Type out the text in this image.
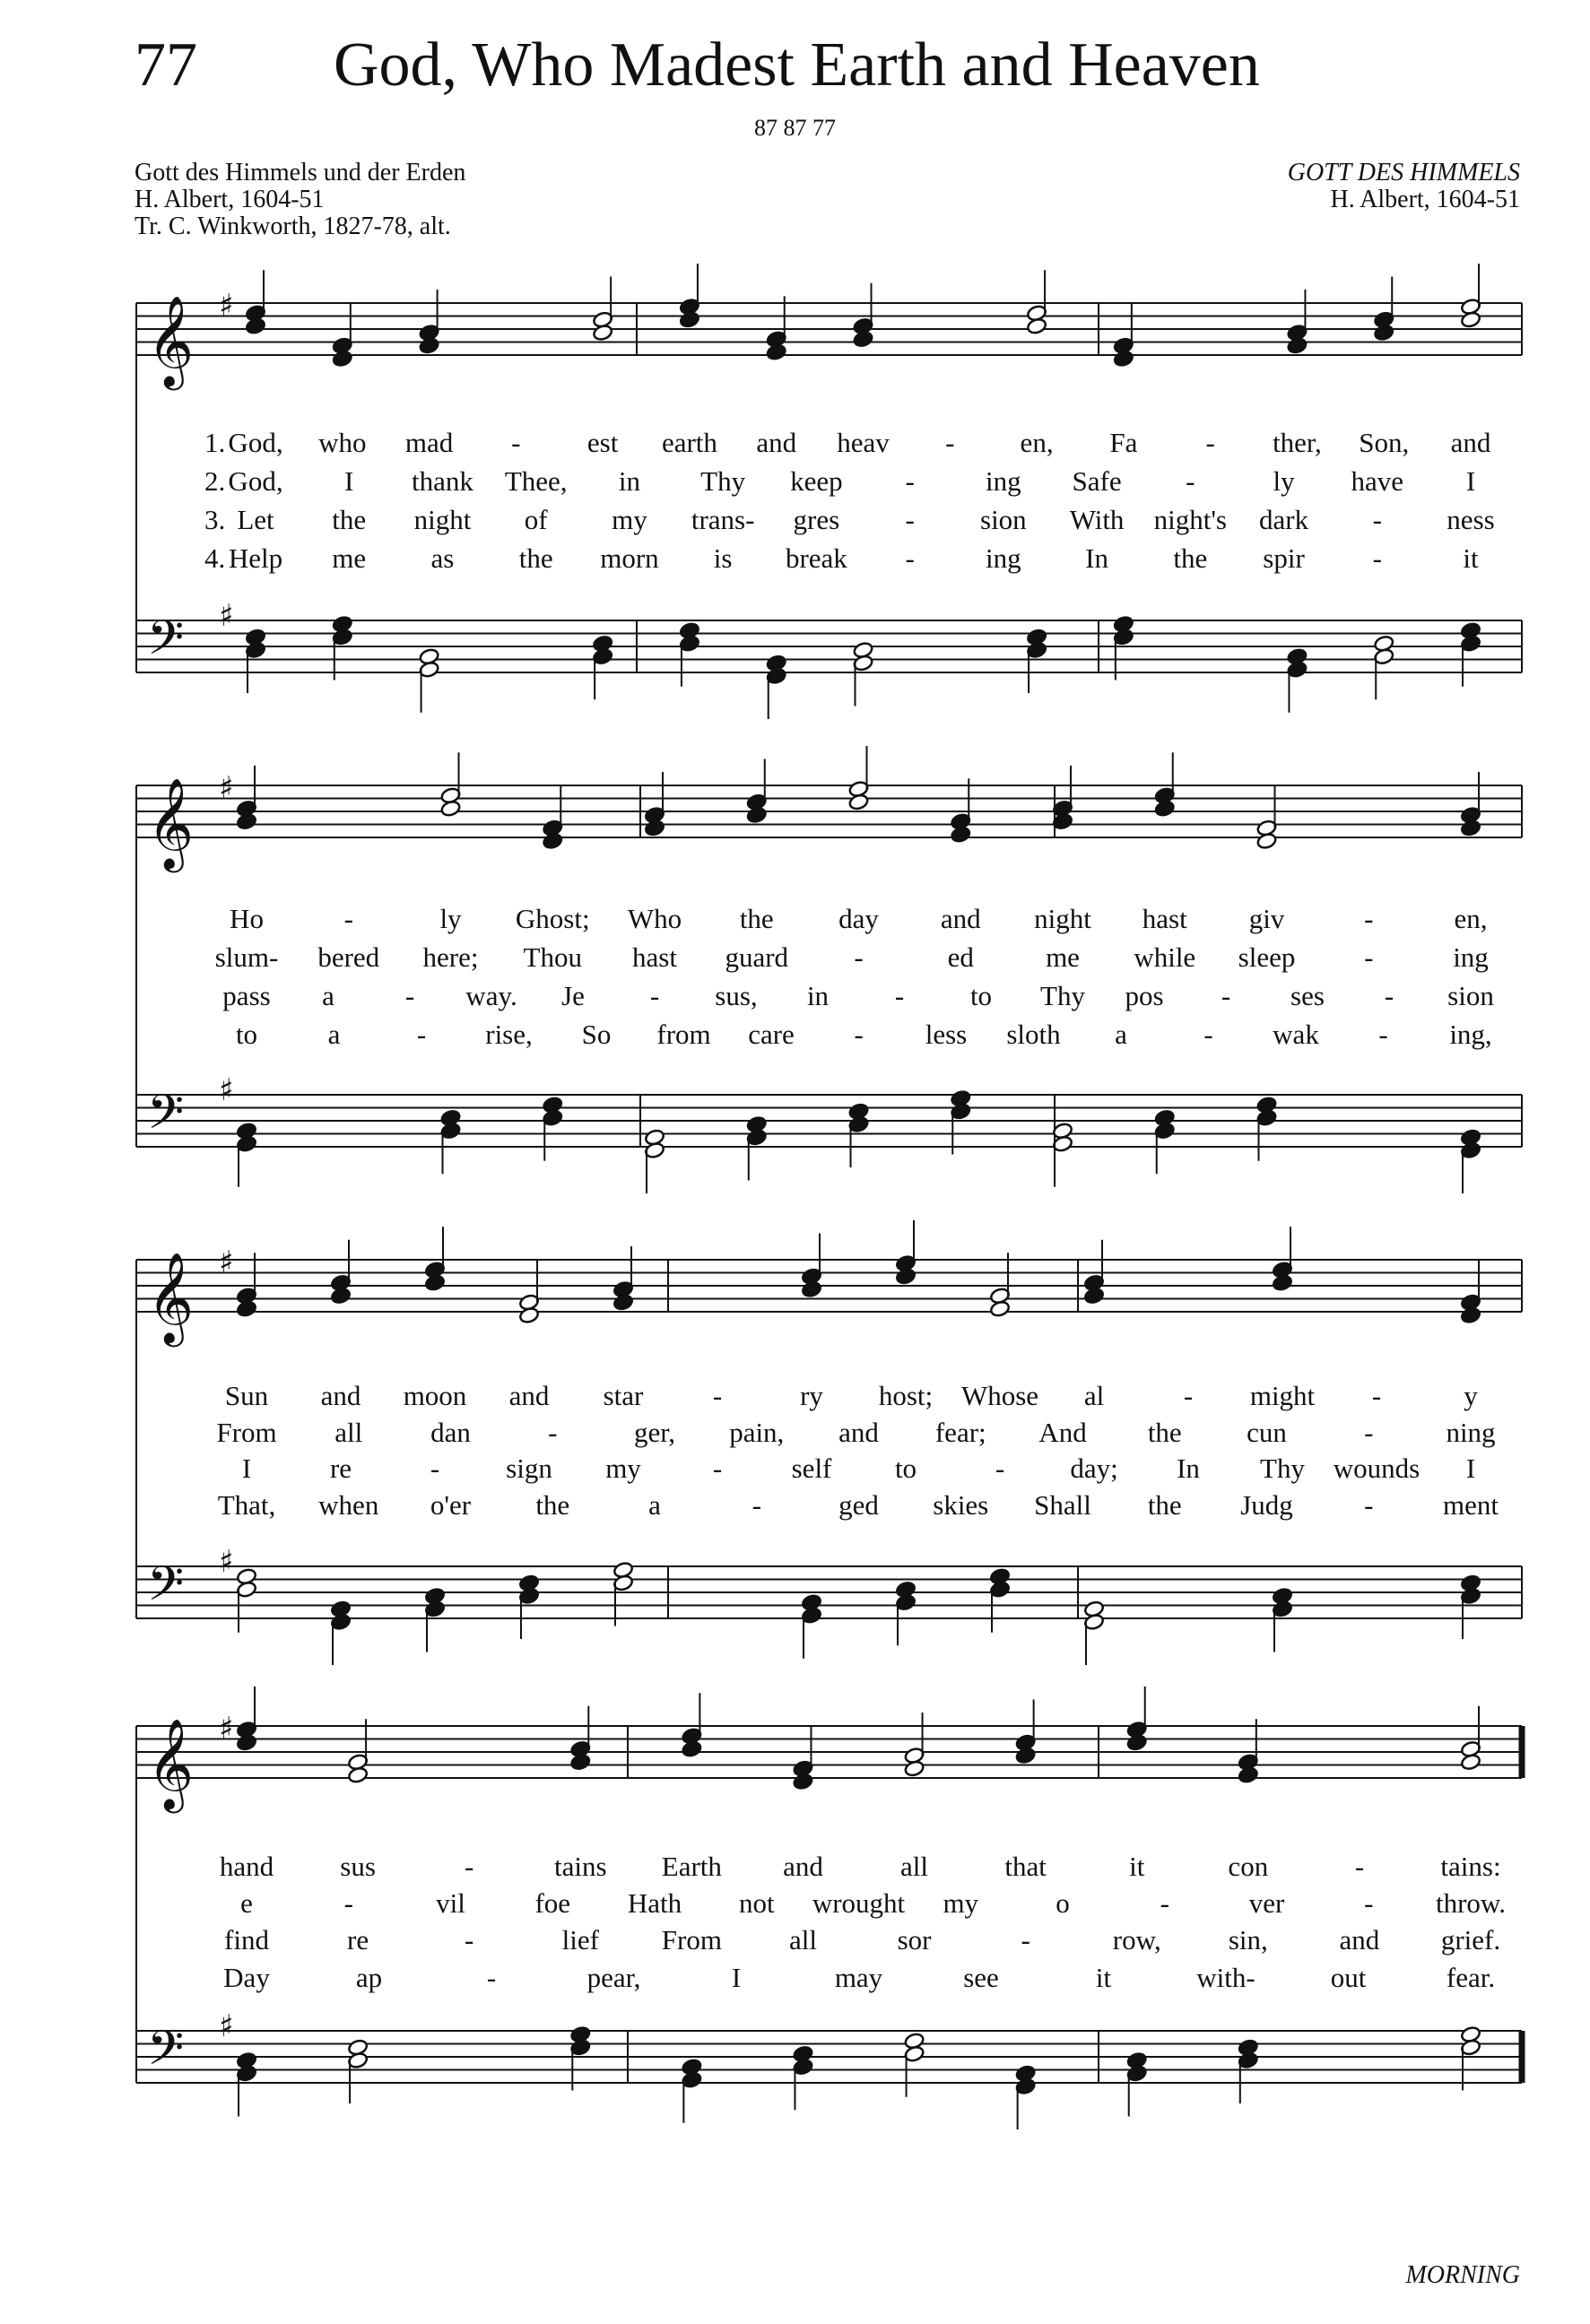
77 God, Who Madest Earth and Heaven
87 87 77
Gott des Himmels und der Erden
H. Albert, 1604-51
Tr. C. Winkworth, 1827-78, alt.
GOTT DES HIMMELS
H. Albert, 1604-51
𝄞 ♯
𝄢 ♯
𝄞 ♯
𝄢 ♯
𝄞 ♯
𝄢 ♯
𝄞 ♯
𝄢 ♯
1. God, who mad - est earth and heav - en, Fa - ther, Son, and
2. God, I thank Thee, in Thy keep -	ing Safe -	ly have I
3. Let the night of my trans- gres - sion With night's dark - ness
4. Help me as the morn is break -	ing In the spir -	it
Ho	-	ly Ghost; Who the day and night hast giv	-	en,
slum- bered here; Thou hast guard -	ed	me while sleep -	ing
pass a	- way. Je - sus, in - to Thy pos - ses - sion
to	a	- rise, So from care - less sloth a	- wak - ing,
Sun and moon and star -	ry host; Whose al	- might -	y
From all dan	-	ger, pain, and fear; And the cun	-	ning
I	re	- sign my	- self to	- day; In Thy wounds I
That, when o'er the	a	-	ged skies Shall the Judg	-	ment
hand sus	-	tains Earth and	all	that	it	con	-	tains:
e	-	vil	foe Hath not wrought my	o	-	ver	- throw.
find	re	-	lief From all	sor	-	row, sin,	and grief.
Day	ap	-	pear,	I	may	see	it	with-	out	fear.
MORNING
